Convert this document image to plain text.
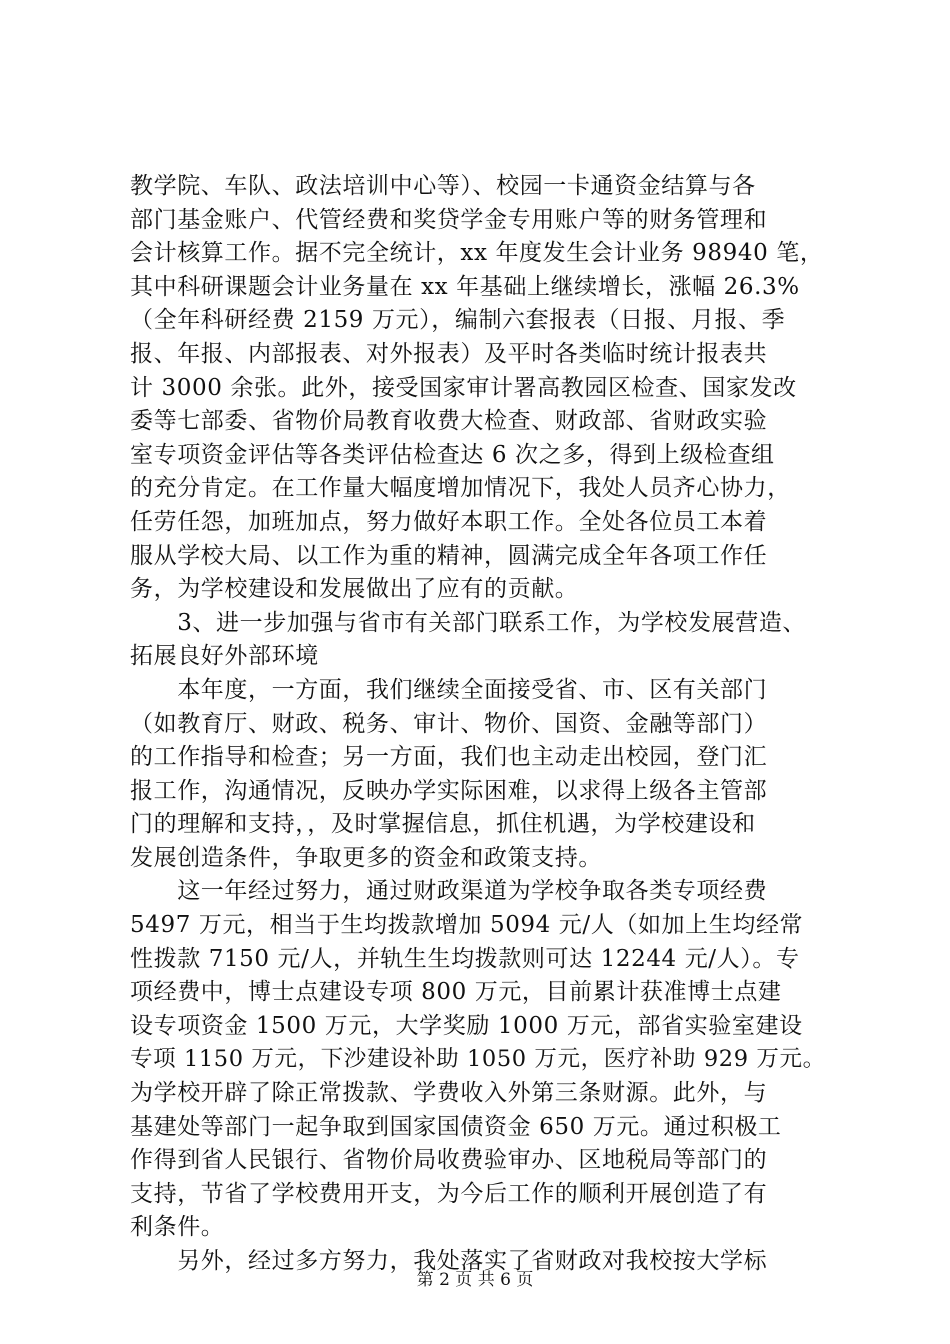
教学院、车队、政法培训中心等）、校园一卡通资金结算与各
部门基金账户、代管经费和奖贷学金专用账户等的财务管理和
会计核算工作。据不完全统计，xx 年度发生会计业务 98940 笔，
其中科研课题会计业务量在 xx 年基础上继续增长，涨幅 26.3%
（全年科研经费 2159 万元），编制六套报表（日报、月报、季
报、年报、内部报表、对外报表）及平时各类临时统计报表共
计 3000 余张。此外，接受国家审计署高教园区检查、国家发改
委等七部委、省物价局教育收费大检查、财政部、省财政实验
室专项资金评估等各类评估检查达 6 次之多，得到上级检查组
的充分肯定。在工作量大幅度增加情况下，我处人员齐心协力，
任劳任怨，加班加点，努力做好本职工作。全处各位员工本着
服从学校大局、以工作为重的精神，圆满完成全年各项工作任
务，为学校建设和发展做出了应有的贡献。
　　3、进一步加强与省市有关部门联系工作，为学校发展营造、
拓展良好外部环境
　　本年度，一方面，我们继续全面接受省、市、区有关部门
（如教育厅、财政、税务、审计、物价、国资、金融等部门）
的工作指导和检查；另一方面，我们也主动走出校园，登门汇
报工作，沟通情况，反映办学实际困难，以求得上级各主管部
门的理解和支持，，及时掌握信息，抓住机遇，为学校建设和
发展创造条件，争取更多的资金和政策支持。
　　这一年经过努力，通过财政渠道为学校争取各类专项经费
5497 万元，相当于生均拨款增加 5094 元/人（如加上生均经常
性拨款 7150 元/人，并轨生生均拨款则可达 12244 元/人）。专
项经费中，博士点建设专项 800 万元，目前累计获准博士点建
设专项资金 1500 万元，大学奖励 1000 万元，部省实验室建设
专项 1150 万元，下沙建设补助 1050 万元，医疗补助 929 万元。
为学校开辟了除正常拨款、学费收入外第三条财源。此外，与
基建处等部门一起争取到国家国债资金 650 万元。通过积极工
作得到省人民银行、省物价局收费验审办、区地税局等部门的
支持，节省了学校费用开支，为今后工作的顺利开展创造了有
利条件。
　　另外，经过多方努力，我处落实了省财政对我校按大学标
第 2 页 共 6 页
